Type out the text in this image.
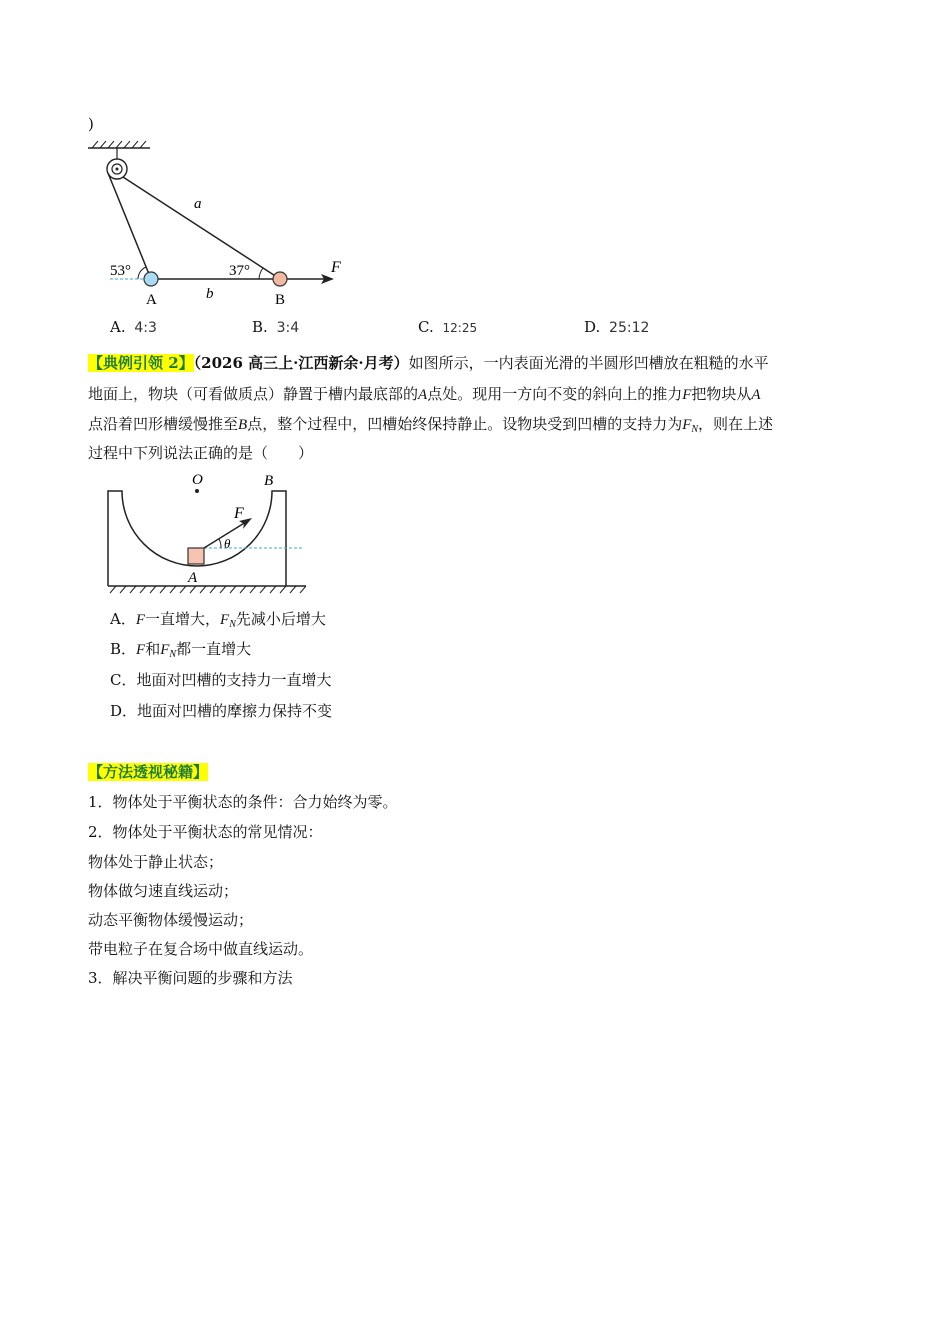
)
a
F
53°	37°
A	B
b
A. 4:3	B. 3:4	C. 12:25	D. 25:12
【典例引领 2】（2026 高三上·江西新余·月考）如图所示，一内表面光滑的半圆形凹槽放在粗糙的水平
地面上，物块（可看做质点）静置于槽内最底部的A点处。现用一方向不变的斜向上的推力F把物块从A
点沿着凹形槽缓慢推至B点，整个过程中，凹槽始终保持静止。设物块受到凹槽的支持力为$F_N$，则在上述
过程中下列说法正确的是（　　）
O	B
F
θ
A
A．F一直增大，$F_N$先减小后增大
B．F和$F_N$都一直增大
C．地面对凹槽的支持力一直增大
D．地面对凹槽的摩擦力保持不变
【方法透视秘籍】
1．物体处于平衡状态的条件：合力始终为零。
2．物体处于平衡状态的常见情况：
物体处于静止状态；
物体做匀速直线运动；
动态平衡物体缓慢运动；
带电粒子在复合场中做直线运动。
3．解决平衡问题的步骤和方法
